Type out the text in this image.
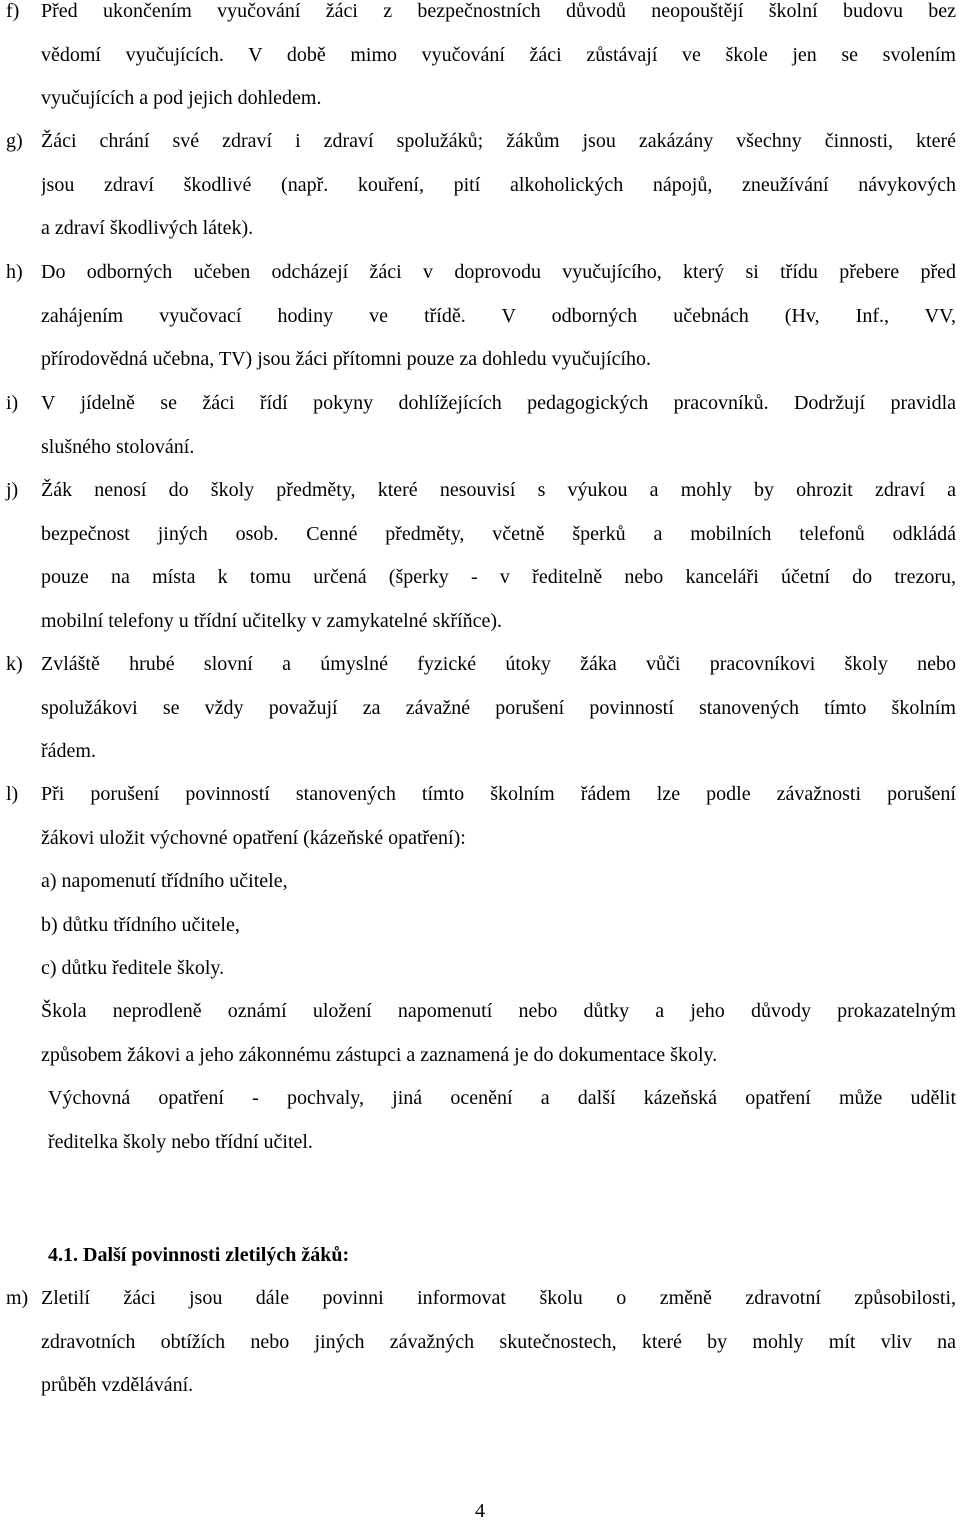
f) Před ukončením vyučování žáci z bezpečnostních důvodů neopouštějí školní budovu bez
vědomí vyučujících. V době mimo vyučování žáci zůstávají ve škole jen se svolením
vyučujících a pod jejich dohledem.
g) Žáci chrání své zdraví i zdraví spolužáků; žákům jsou zakázány všechny činnosti, které
jsou zdraví škodlivé (např. kouření, pití alkoholických nápojů, zneužívání návykových
a zdraví škodlivých látek).
h) Do odborných učeben odcházejí žáci v doprovodu vyučujícího, který si třídu přebere před
zahájením vyučovací hodiny ve třídě. V odborných učebnách (Hv, Inf., VV,
přírodovědná učebna, TV) jsou žáci přítomni pouze za dohledu vyučujícího.
i) V jídelně se žáci řídí pokyny dohlížejících pedagogických pracovníků. Dodržují pravidla
slušného stolování.
j) Žák nenosí do školy předměty, které nesouvisí s výukou a mohly by ohrozit zdraví a
bezpečnost jiných osob. Cenné předměty, včetně šperků a mobilních telefonů odkládá
pouze na místa k tomu určená (šperky - v ředitelně nebo kanceláři účetní do trezoru,
mobilní telefony u třídní učitelky v zamykatelné skříňce).
k) Zvláště hrubé slovní a úmyslné fyzické útoky žáka vůči pracovníkovi školy nebo
spolužákovi se vždy považují za závažné porušení povinností stanovených tímto školním
řádem.
l) Při porušení povinností stanovených tímto školním řádem lze podle závažnosti porušení
žákovi uložit výchovné opatření (kázeňské opatření):
a) napomenutí třídního učitele,
b) důtku třídního učitele,
c) důtku ředitele školy.
Škola neprodleně oznámí uložení napomenutí nebo důtky a jeho důvody prokazatelným
způsobem žákovi a jeho zákonnému zástupci a zaznamená je do dokumentace školy.
Výchovná opatření - pochvaly, jiná ocenění a další kázeňská opatření může udělit
ředitelka školy nebo třídní učitel.
4.1. Další povinnosti zletilých žáků:
m) Zletilí žáci jsou dále povinni informovat školu o změně zdravotní způsobilosti,
zdravotních obtížích nebo jiných závažných skutečnostech, které by mohly mít vliv na
průběh vzdělávání.
4
